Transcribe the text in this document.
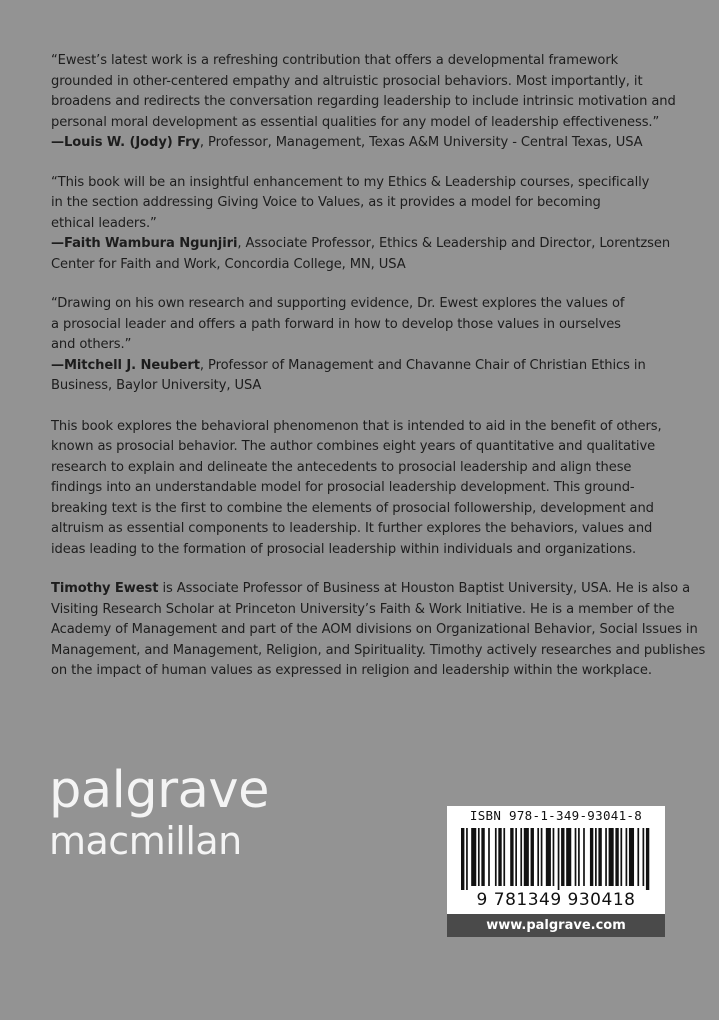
“Ewest’s latest work is a refreshing contribution that offers a developmental framework
grounded in other-centered empathy and altruistic prosocial behaviors. Most importantly, it
broadens and redirects the conversation regarding leadership to include intrinsic motivation and
personal moral development as essential qualities for any model of leadership effectiveness.”
—Louis W. (Jody) Fry, Professor, Management, Texas A&M University - Central Texas, USA
“This book will be an insightful enhancement to my Ethics & Leadership courses, specifically
in the section addressing Giving Voice to Values, as it provides a model for becoming
ethical leaders.”
—Faith Wambura Ngunjiri, Associate Professor, Ethics & Leadership and Director, Lorentzsen
Center for Faith and Work, Concordia College, MN, USA
“Drawing on his own research and supporting evidence, Dr. Ewest explores the values of
a prosocial leader and offers a path forward in how to develop those values in ourselves
and others.”
—Mitchell J. Neubert, Professor of Management and Chavanne Chair of Christian Ethics in
Business, Baylor University, USA
This book explores the behavioral phenomenon that is intended to aid in the benefit of others,
known as prosocial behavior. The author combines eight years of quantitative and qualitative
research to explain and delineate the antecedents to prosocial leadership and align these
findings into an understandable model for prosocial leadership development. This ground-
breaking text is the first to combine the elements of prosocial followership, development and
altruism as essential components to leadership. It further explores the behaviors, values and
ideas leading to the formation of prosocial leadership within individuals and organizations.
Timothy Ewest is Associate Professor of Business at Houston Baptist University, USA. He is also a
Visiting Research Scholar at Princeton University’s Faith & Work Initiative. He is a member of the
Academy of Management and part of the AOM divisions on Organizational Behavior, Social Issues in
Management, and Management, Religion, and Spirituality. Timothy actively researches and publishes
on the impact of human values as expressed in religion and leadership within the workplace.
palgrave
macmillan
ISBN 978-1-349-93041-8
9 781349 930418
www.palgrave.com
